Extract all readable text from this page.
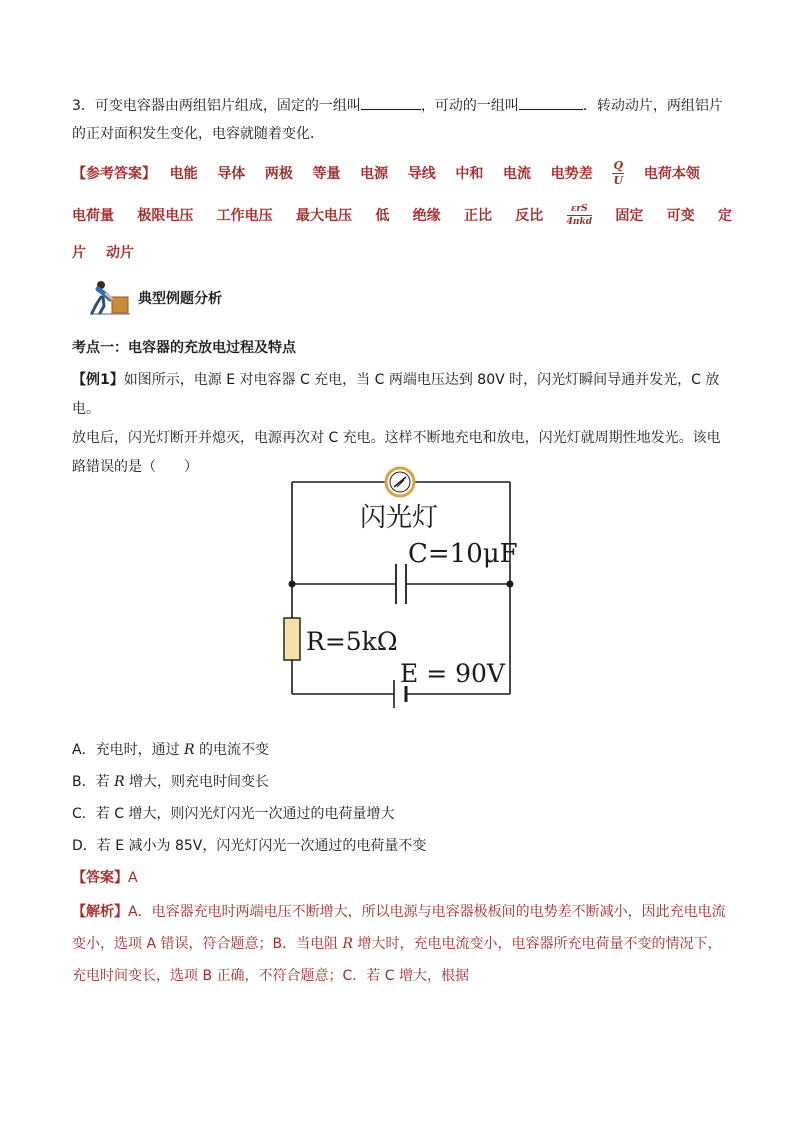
3．可变电容器由两组铝片组成，固定的一组叫	，可动的一组叫	．转动动片，两组铝片
的正对面积发生变化，电容就随着变化．
【参考答案】 电能 导体 两极 等量 电源 导线 中和 电流 电势差 $\frac{Q}{U}$ 电荷本领
电荷量 极限电压 工作电压 最大电压 低 绝缘 正比 反比	$\frac{\text{εrS}}{\text{4πkd}}$ 固定 可变 定
片 动片
典型例题分析
考点一：电容器的充放电过程及特点
【例1】如图所示，电源 E 对电容器 C 充电，当 C 两端电压达到 80V 时，闪光灯瞬间导通并发光，C 放电。
放电后，闪光灯断开并熄灭，电源再次对 C 充电。这样不断地充电和放电，闪光灯就周期性地发光。该电
路错误的是（　　）
闪光灯
C=10μF
R=5kΩ
E = 90V
A．充电时，通过 R 的电流不变
B．若 R 增大，则充电时间变长
C．若 C 增大，则闪光灯闪光一次通过的电荷量增大
D．若 E 减小为 85V，闪光灯闪光一次通过的电荷量不变
【答案】A
【解析】A．电容器充电时两端电压不断增大，所以电源与电容器极板间的电势差不断减小，因此充电电流
变小，选项 A 错误，符合题意；B．当电阻 R 增大时，充电电流变小，电容器所充电荷量不变的情况下，
充电时间变长，选项 B 正确，不符合题意；C．若 C 增大，根据
